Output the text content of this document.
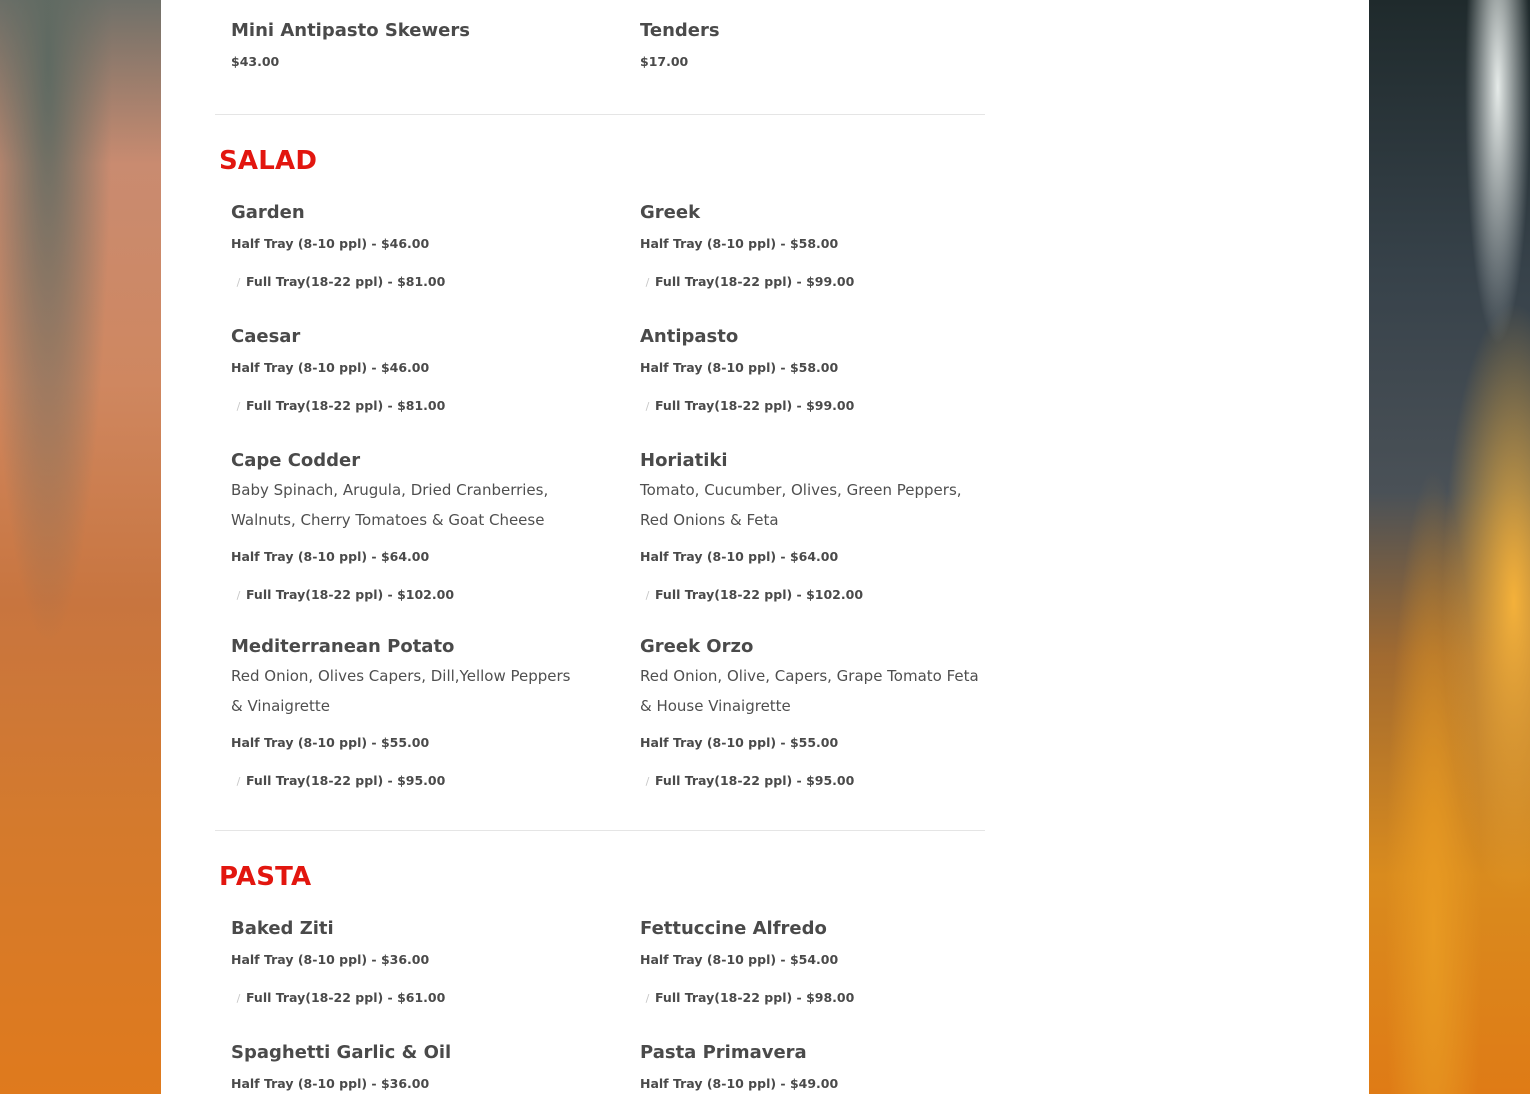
Mini Antipasto Skewers
$43.00
Tenders
$17.00
SALAD
Garden
Half Tray (8-10 ppl) - $46.00
/ Full Tray(18-22 ppl) - $81.00
Greek
Half Tray (8-10 ppl) - $58.00
/ Full Tray(18-22 ppl) - $99.00
Caesar
Half Tray (8-10 ppl) - $46.00
/ Full Tray(18-22 ppl) - $81.00
Antipasto
Half Tray (8-10 ppl) - $58.00
/ Full Tray(18-22 ppl) - $99.00
Cape Codder

Baby Spinach, Arugula, Dried Cranberries, Walnuts, Cherry Tomatoes & Goat Cheese

Half Tray (8-10 ppl) - $64.00
/ Full Tray(18-22 ppl) - $102.00
Horiatiki

Tomato, Cucumber, Olives, Green Peppers, Red Onions & Feta

Half Tray (8-10 ppl) - $64.00
/ Full Tray(18-22 ppl) - $102.00
Mediterranean Potato

Red Onion, Olives Capers, Dill,Yellow Peppers & Vinaigrette

Half Tray (8-10 ppl) - $55.00
/ Full Tray(18-22 ppl) - $95.00
Greek Orzo

Red Onion, Olive, Capers, Grape Tomato Feta & House Vinaigrette

Half Tray (8-10 ppl) - $55.00
/ Full Tray(18-22 ppl) - $95.00
PASTA
Baked Ziti
Half Tray (8-10 ppl) - $36.00
/ Full Tray(18-22 ppl) - $61.00
Fettuccine Alfredo
Half Tray (8-10 ppl) - $54.00
/ Full Tray(18-22 ppl) - $98.00
Spaghetti Garlic & Oil
Half Tray (8-10 ppl) - $36.00
Pasta Primavera
Half Tray (8-10 ppl) - $49.00
